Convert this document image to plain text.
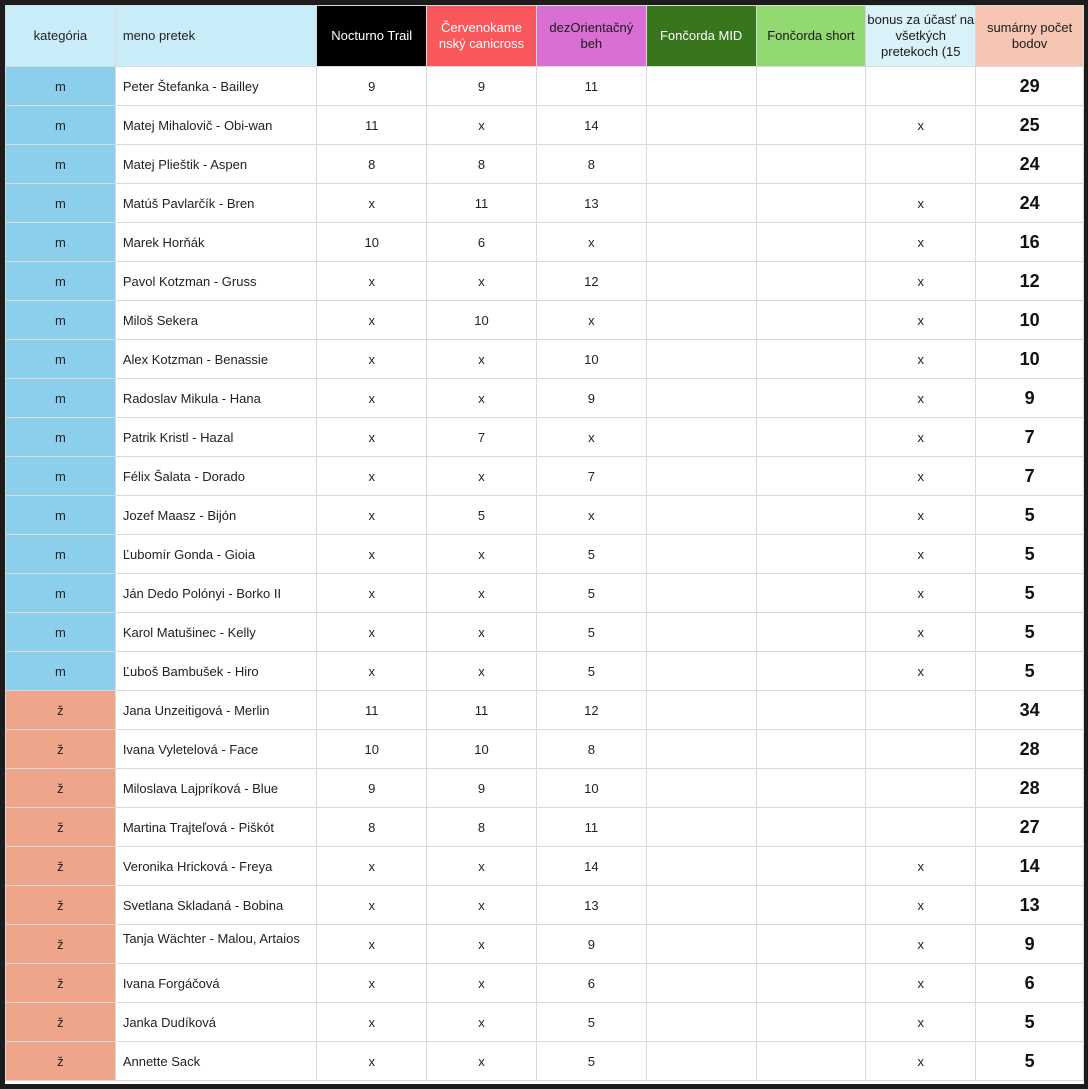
kategória	meno pretek	Nocturno Trail	Červenokame nský canicross	dezOrientačný beh	Fončorda MID	Fončorda short	bonus za účasť na všetkých pretekoch (15	sumárny počet bodov
m	Peter Štefanka - Bailley	9	9	11				29
m	Matej Mihalovič - Obi-wan	11	x	14			x	25
m	Matej Plieštik - Aspen	8	8	8				24
m	Matúš Pavlarčík - Bren	x	11	13			x	24
m	Marek Horňák	10	6	x			x	16
m	Pavol Kotzman - Gruss	x	x	12			x	12
m	Miloš Sekera	x	10	x			x	10
m	Alex Kotzman - Benassie	x	x	10			x	10
m	Radoslav Mikula - Hana	x	x	9			x	9
m	Patrik Kristl - Hazal	x	7	x			x	7
m	Félix Šalata - Dorado	x	x	7			x	7
m	Jozef Maasz - Bijón	x	5	x			x	5
m	Ľubomír Gonda - Gioia	x	x	5			x	5
m	Ján Dedo Polónyi - Borko II	x	x	5			x	5
m	Karol Matušinec - Kelly	x	x	5			x	5
m	Ľuboš Bambušek - Hiro	x	x	5			x	5
ž	Jana Unzeitigová - Merlin	11	11	12				34
ž	Ivana Vyletelová - Face	10	10	8				28
ž	Miloslava Lajpríková - Blue	9	9	10				28
ž	Martina Trajteľová - Piškót	8	8	11				27
ž	Veronika Hricková - Freya	x	x	14			x	14
ž	Svetlana Skladaná - Bobina	x	x	13			x	13
ž	Tanja Wächter - Malou, Artaios	x	x	9			x	9
ž	Ivana Forgáčová	x	x	6			x	6
ž	Janka Dudíková	x	x	5			x	5
ž	Annette Sack	x	x	5			x	5
